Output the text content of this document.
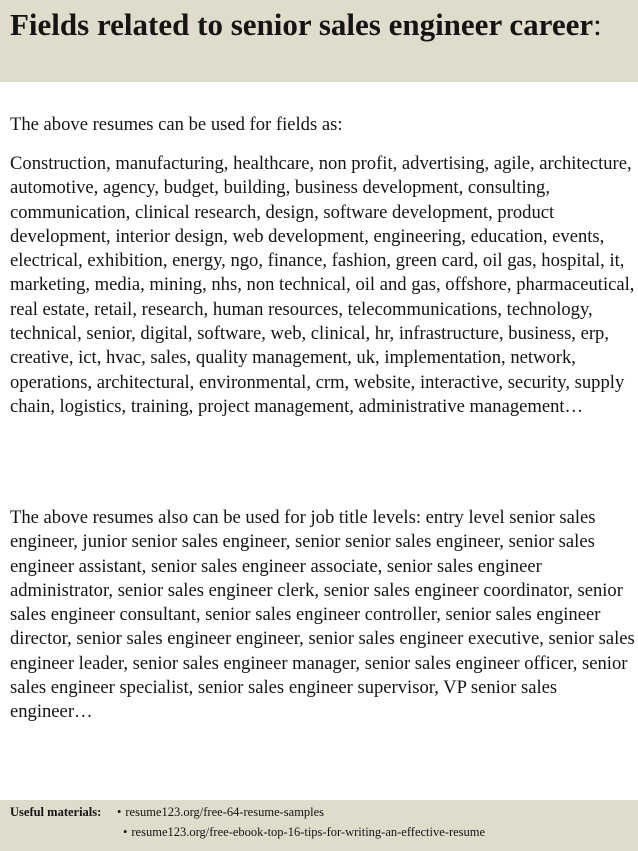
Fields related to senior sales engineer career:

The above resumes can be used for fields as:

Construction, manufacturing, healthcare, non profit, advertising, agile, architecture, automotive, agency, budget, building, business development, consulting, communication, clinical research, design, software development, product development, interior design, web development, engineering, education, events, electrical, exhibition, energy, ngo, finance, fashion, green card, oil gas, hospital, it, marketing, media, mining, nhs, non technical, oil and gas, offshore, pharmaceutical, real estate, retail, research, human resources, telecommunications, technology, technical, senior, digital, software, web, clinical, hr, infrastructure, business, erp, creative, ict, hvac, sales, quality management, uk, implementation, network, operations, architectural, environmental, crm, website, interactive, security, supply chain, logistics, training, project management, administrative management…

The above resumes also can be used for job title levels: entry level senior sales engineer, junior senior sales engineer, senior senior sales engineer, senior sales engineer assistant, senior sales engineer associate, senior sales engineer administrator, senior sales engineer clerk, senior sales engineer coordinator, senior sales engineer consultant, senior sales engineer controller, senior sales engineer director, senior sales engineer engineer, senior sales engineer executive, senior sales engineer leader, senior sales engineer manager, senior sales engineer officer, senior sales engineer specialist, senior sales engineer supervisor, VP senior sales engineer…

Useful materials:	• resume123.org/free-64-resume-samples
• resume123.org/free-ebook-top-16-tips-for-writing-an-effective-resume
